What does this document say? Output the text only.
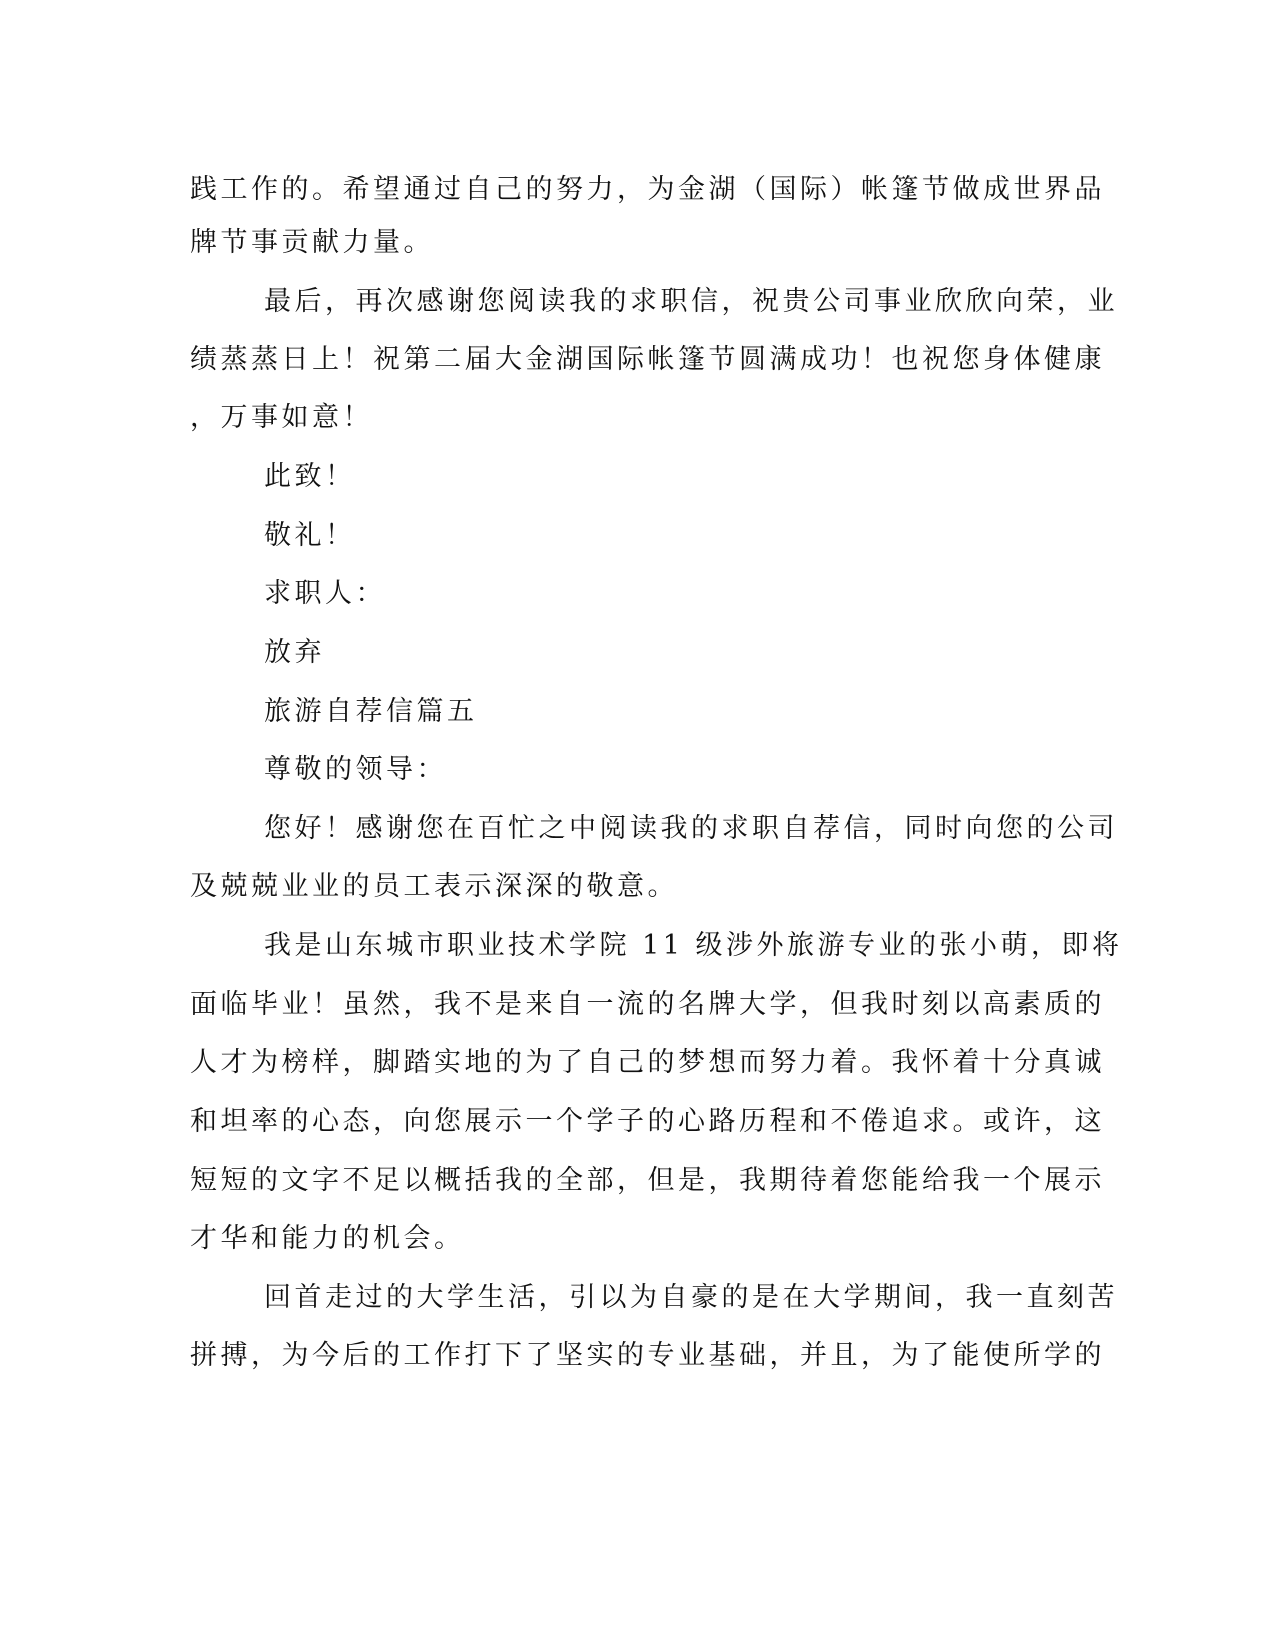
践工作的。希望通过自己的努力，为金湖（国际）帐篷节做成世界品
牌节事贡献力量。
最后，再次感谢您阅读我的求职信，祝贵公司事业欣欣向荣，业
绩蒸蒸日上！祝第二届大金湖国际帐篷节圆满成功！也祝您身体健康
，万事如意！
此致！
敬礼！
求职人：
放弃
旅游自荐信篇五
尊敬的领导：
您好！感谢您在百忙之中阅读我的求职自荐信，同时向您的公司
及兢兢业业的员工表示深深的敬意。
我是山东城市职业技术学院 11 级涉外旅游专业的张小萌，即将
面临毕业！虽然，我不是来自一流的名牌大学，但我时刻以高素质的
人才为榜样，脚踏实地的为了自己的梦想而努力着。我怀着十分真诚
和坦率的心态，向您展示一个学子的心路历程和不倦追求。或许，这
短短的文字不足以概括我的全部，但是，我期待着您能给我一个展示
才华和能力的机会。
回首走过的大学生活，引以为自豪的是在大学期间，我一直刻苦
拼搏，为今后的工作打下了坚实的专业基础，并且，为了能使所学的
